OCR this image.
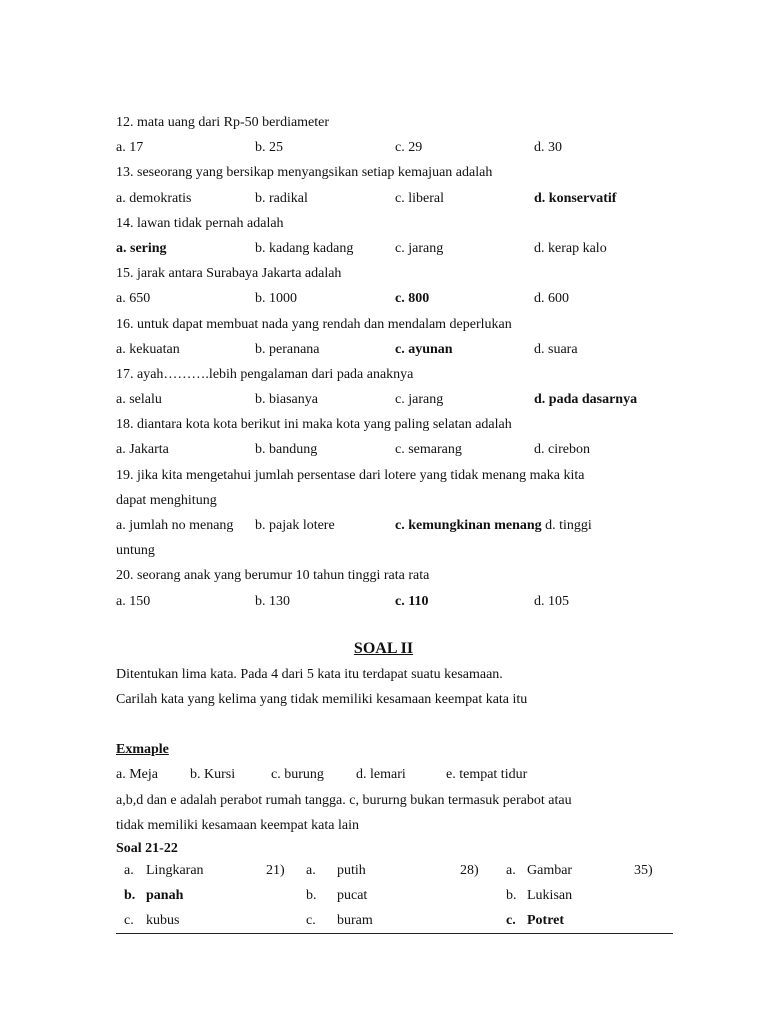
12. mata uang dari Rp-50 berdiameter
a. 17	b. 25	c. 29	d. 30
13. seseorang yang bersikap menyangsikan setiap kemajuan adalah
a. demokratis	b. radikal	c. liberal	d. konservatif
14. lawan tidak pernah adalah
a. sering	b. kadang kadang	c. jarang	d. kerap kalo
15. jarak antara Surabaya Jakarta adalah
a. 650	b. 1000	c. 800	d. 600
16. untuk dapat membuat nada yang rendah dan mendalam deperlukan
a. kekuatan	b. peranana	c. ayunan	d. suara
17. ayah……….lebih pengalaman dari pada anaknya
a. selalu	b. biasanya	c. jarang	d. pada dasarnya
18. diantara kota kota berikut ini maka kota yang paling selatan adalah
a. Jakarta	b. bandung	c. semarang	d. cirebon
19. jika kita mengetahui jumlah persentase dari lotere yang tidak menang maka kita
dapat menghitung
a. jumlah no menang b. pajak lotere	c. kemungkinan menang d. tinggi
untung
20. seorang anak yang berumur 10 tahun tinggi rata rata
a. 150	b. 130	c. 110	d. 105
SOAL II
Ditentukan lima kata. Pada 4 dari 5 kata itu terdapat suatu kesamaan.
Carilah kata yang kelima yang tidak memiliki kesamaan keempat kata itu
Exmaple
a. Meja b. Kursi	c. burung d. lemari	e. tempat tidur
a,b,d dan e adalah perabot rumah tangga. c, bururng bukan termasuk perabot atau
tidak memiliki kesamaan keempat kata lain
Soal 21-22
a. Lingkaran	21) a. putih	28) a. Gambar	35)
b. panah	b. pucat	b. Lukisan
c. kubus	c. buram	c. Potret
